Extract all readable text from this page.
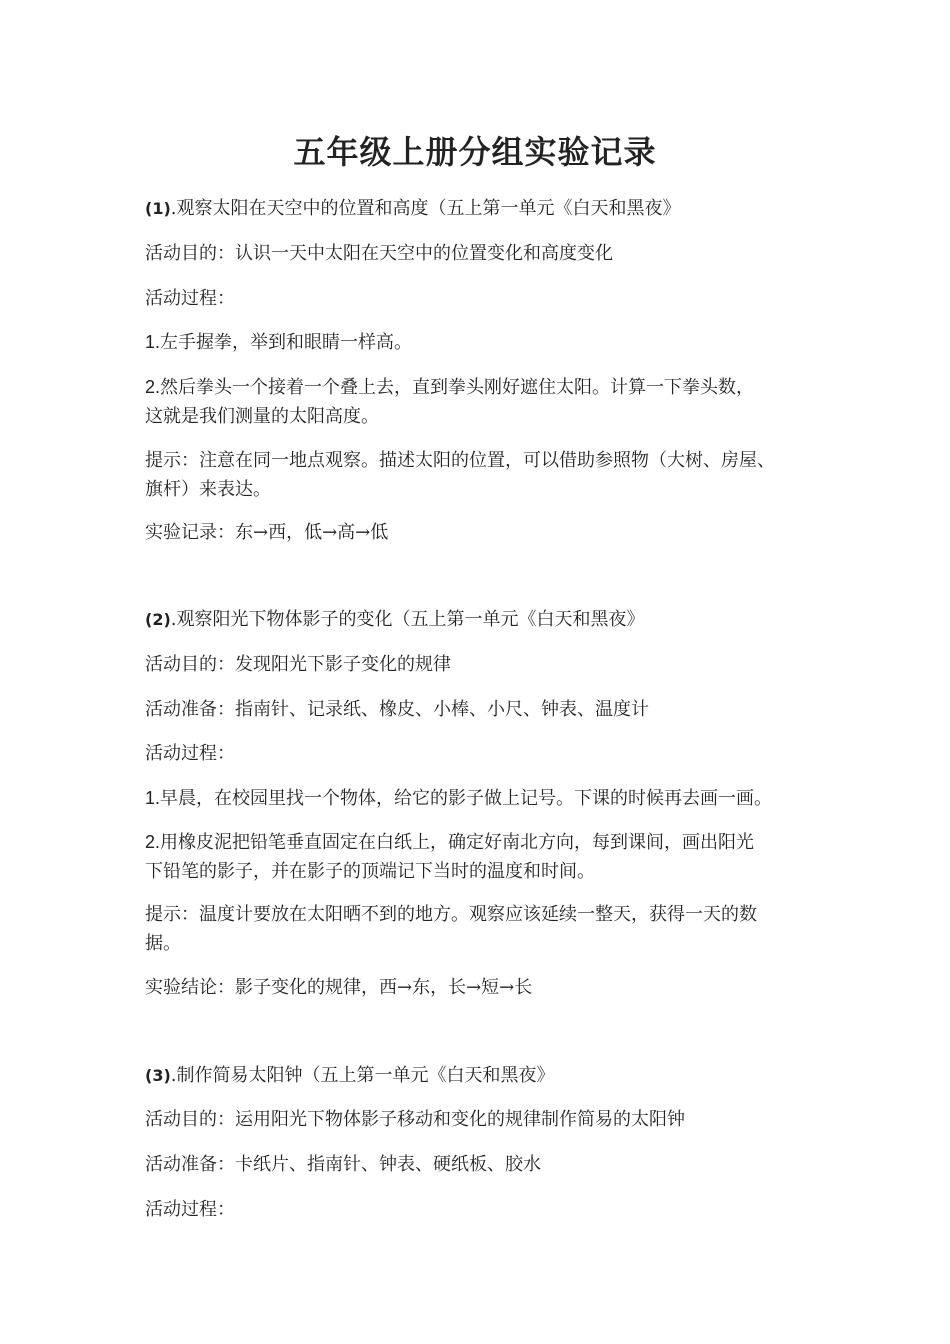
五年级上册分组实验记录
(1).观察太阳在天空中的位置和高度（五上第一单元《白天和黑夜》
活动目的：认识一天中太阳在天空中的位置变化和高度变化
活动过程：
1.左手握拳，举到和眼睛一样高。
2.然后拳头一个接着一个叠上去，直到拳头刚好遮住太阳。计算一下拳头数，
这就是我们测量的太阳高度。
提示：注意在同一地点观察。描述太阳的位置，可以借助参照物（大树、房屋、
旗杆）来表达。
实验记录：东→西，低→高→低
(2).观察阳光下物体影子的变化（五上第一单元《白天和黑夜》
活动目的：发现阳光下影子变化的规律
活动准备：指南针、记录纸、橡皮、小棒、小尺、钟表、温度计
活动过程：
1.早晨，在校园里找一个物体，给它的影子做上记号。下课的时候再去画一画。
2.用橡皮泥把铅笔垂直固定在白纸上，确定好南北方向，每到课间，画出阳光
下铅笔的影子，并在影子的顶端记下当时的温度和时间。
提示：温度计要放在太阳晒不到的地方。观察应该延续一整天，获得一天的数
据。
实验结论：影子变化的规律，西→东，长→短→长
(3).制作简易太阳钟（五上第一单元《白天和黑夜》
活动目的：运用阳光下物体影子移动和变化的规律制作简易的太阳钟
活动准备：卡纸片、指南针、钟表、硬纸板、胶水
活动过程：
